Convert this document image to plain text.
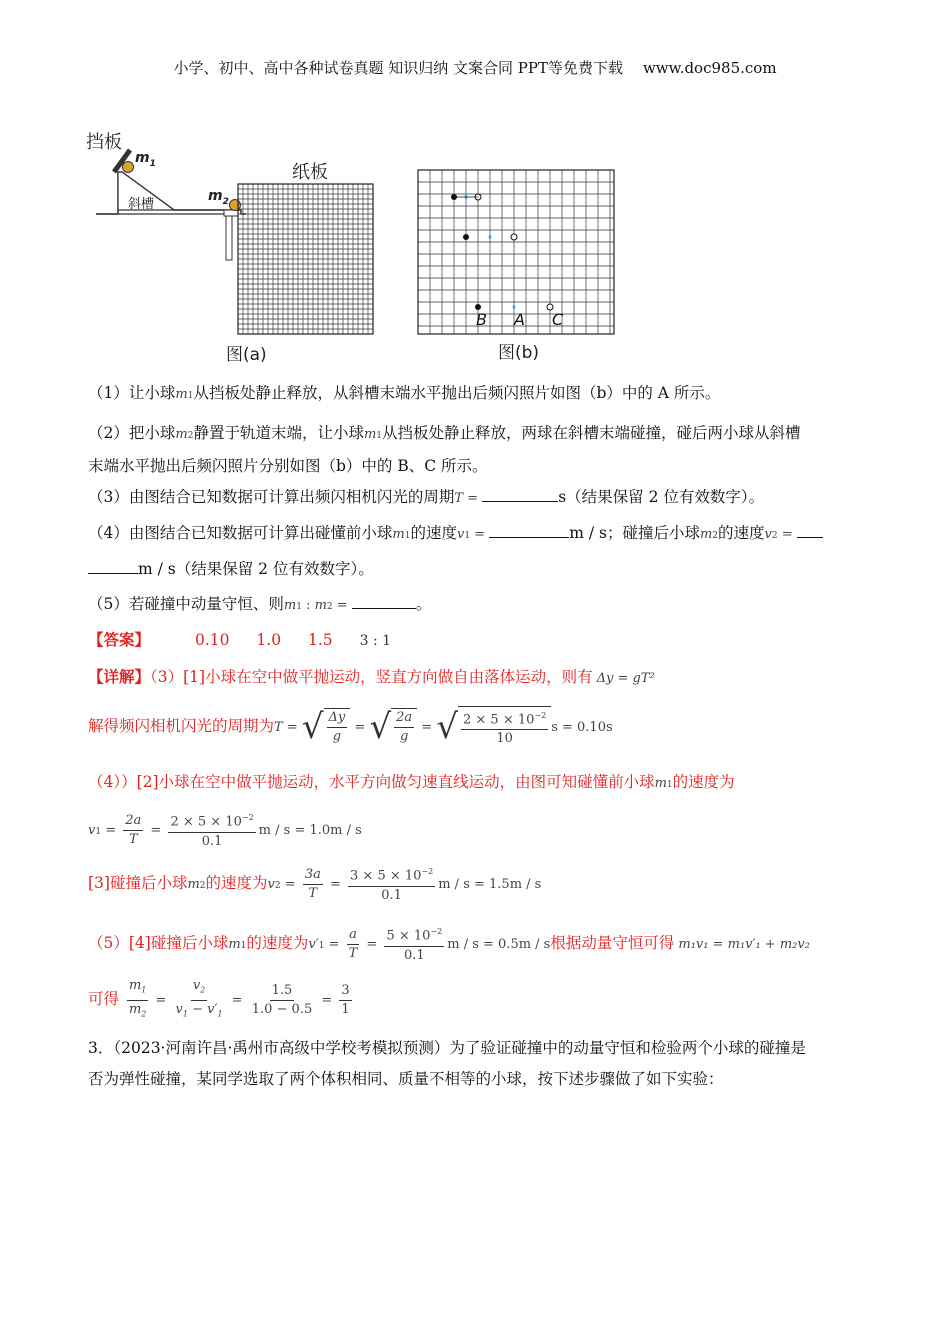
小学、初中、高中各种试卷真题 知识归纳 文案合同 PPT等免费下载 www.doc985.com
挡板
斜槽
$m_1$
$m_2$
纸板
图(a)
B A C
图(b)
（1）让小球m1从挡板处静止释放，从斜槽末端水平抛出后频闪照片如图（b）中的 A 所示。
（2）把小球m2静置于轨道末端，让小球m1从挡板处静止释放，两球在斜槽末端碰撞，碰后两小球从斜槽
末端水平抛出后频闪照片分别如图（b）中的 B、C 所示。
（3）由图结合已知数据可计算出频闪相机闪光的周期T =	s（结果保留 2 位有效数字）。
（4）由图结合已知数据可计算出碰懂前小球m1的速度v1 =	m / s；碰撞后小球m2的速度v2 =
m / s（结果保留 2 位有效数字）。
（5）若碰撞中动量守恒、则m1 : m2 =	。
【答案】	0.10 1.0 1.5 3 : 1
【详解】（3）[1]小球在空中做平抛运动，竖直方向做自由落体运动，则有 Δy = gT²
解得频闪相机闪光的周期为T = √ $\frac{\Delta y}{g}$ = √ $\frac{2a}{g}$ = √ $\frac{2 \times 5 \times 10^{-2}}{10}$ s = 0.10s
（4））[2]小球在空中做平抛运动，水平方向做匀速直线运动，由图可知碰懂前小球m1的速度为
$v1 = \frac{2a}{T} = \frac{2 \times 5 \times 10^{-2}}{0.1}$ m / s = 1.0m / s
[3]碰撞后小球m2的速度为$v2 = \frac{3a}{T} = \frac{3 \times 5 \times 10^{-2}}{0.1}$ m / s = 1.5m / s
（5）[4]碰撞后小球m1的速度为$v'1 = \frac{a}{T} = \frac{5 \times 10^{-2}}{0.1}$ m / s = 0.5m / s根据动量守恒可得 m₁v₁ = m₁v′₁ + m₂v₂
可得 $\frac{m_1}{m_2} = \frac{v_2}{v_1 - v'_1} = \frac{1.5}{1.0 - 0.5} = \frac{3}{1}$
3．（2023·河南许昌·禹州市高级中学校考模拟预测）为了验证碰撞中的动量守恒和检验两个小球的碰撞是
否为弹性碰撞，某同学选取了两个体积相同、质量不相等的小球，按下述步骤做了如下实验：
